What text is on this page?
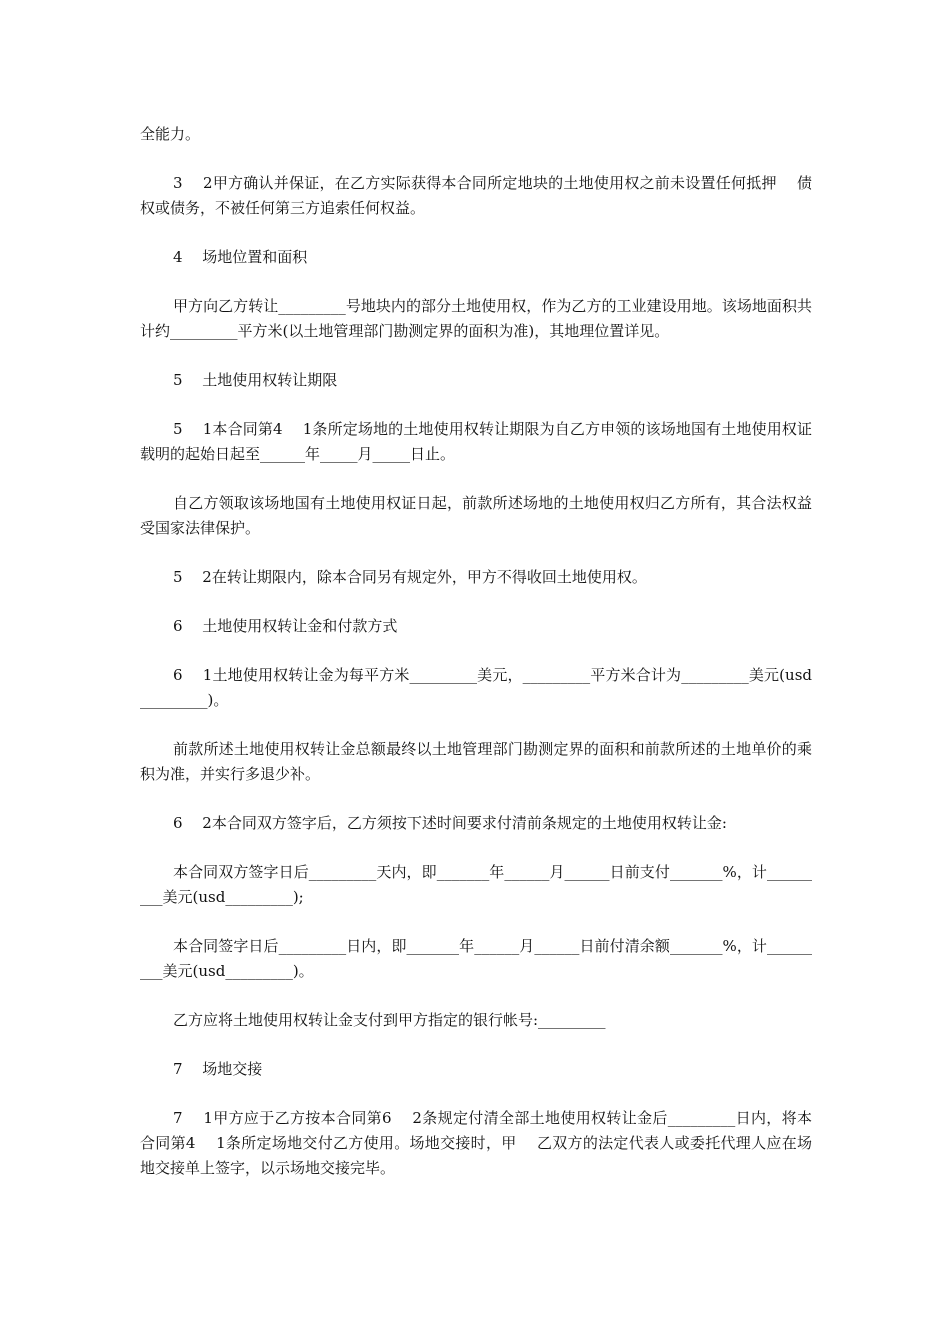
全能力。

3　 2甲方确认并保证，在乙方实际获得本合同所定地块的土地使用权之前未设置任何抵押　 债权或债务，不被任何第三方追索任何权益。

4　 场地位置和面积

甲方向乙方转让_________号地块内的部分土地使用权，作为乙方的工业建设用地。该场地面积共计约_________平方米(以土地管理部门勘测定界的面积为准)，其地理位置详见。

5　 土地使用权转让期限

5　 1本合同第4　 1条所定场地的土地使用权转让期限为自乙方申领的该场地国有土地使用权证载明的起始日起至______年_____月_____日止。

自乙方领取该场地国有土地使用权证日起，前款所述场地的土地使用权归乙方所有，其合法权益受国家法律保护。

5　 2在转让期限内，除本合同另有规定外，甲方不得收回土地使用权。

6　 土地使用权转让金和付款方式

6　 1土地使用权转让金为每平方米_________美元，_________平方米合计为_________美元(usd_________)。

前款所述土地使用权转让金总额最终以土地管理部门勘测定界的面积和前款所述的土地单价的乘积为准，并实行多退少补。

6　 2本合同双方签字后，乙方须按下述时间要求付清前条规定的土地使用权转让金:

本合同双方签字日后_________天内，即_______年______月______日前支付_______%，计_________美元(usd_________);

本合同签字日后_________日内，即_______年______月______日前付清余额_______%，计_________美元(usd_________)。

乙方应将土地使用权转让金支付到甲方指定的银行帐号:_________

7　 场地交接

7　 1甲方应于乙方按本合同第6　 2条规定付清全部土地使用权转让金后_________日内，将本合同第4　 1条所定场地交付乙方使用。场地交接时，甲　 乙双方的法定代表人或委托代理人应在场地交接单上签字，以示场地交接完毕。
